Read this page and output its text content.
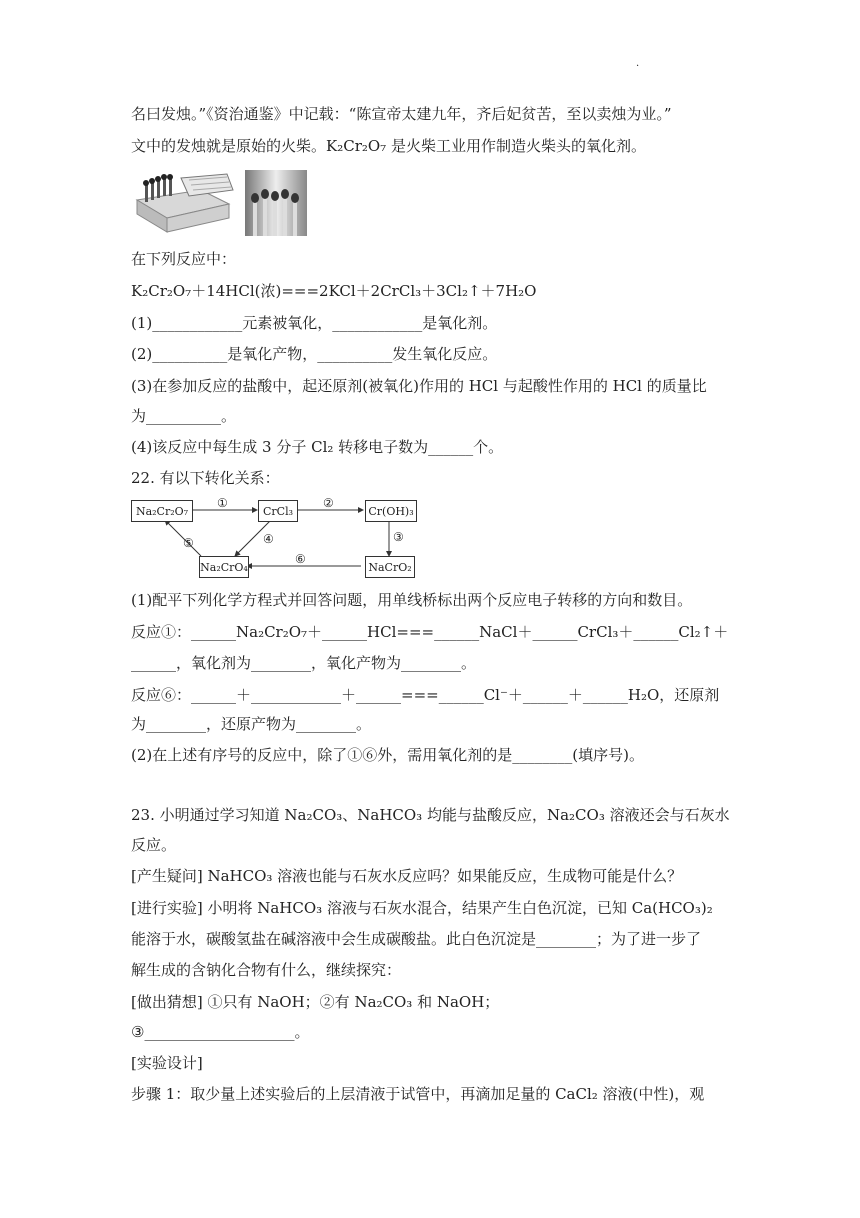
.
名曰发烛。”《资治通鉴》中记载：“陈宣帝太建九年，齐后妃贫苦，至以卖烛为业。”
文中的发烛就是原始的火柴。K₂Cr₂O₇ 是火柴工业用作制造火柴头的氧化剂。
在下列反应中：
K₂Cr₂O₇＋14HCl(浓)===2KCl＋2CrCl₃＋3Cl₂↑＋7H₂O
(1)____________元素被氧化，____________是氧化剂。
(2)__________是氧化产物，__________发生氧化反应。
(3)在参加反应的盐酸中，起还原剂(被氧化)作用的 HCl 与起酸性作用的 HCl 的质量比
为__________。
(4)该反应中每生成 3 分子 Cl₂ 转移电子数为______个。
22. 有以下转化关系：
Na₂Cr₂O₇	CrCl₃	Cr(OH)₃
NaCrO₂
Na₂CrO₄
①	②
③
④
⑤
⑥
(1)配平下列化学方程式并回答问题，用单线桥标出两个反应电子转移的方向和数目。
反应①：______Na₂Cr₂O₇＋______HCl===______NaCl＋______CrCl₃＋______Cl₂↑＋
______，氧化剂为________，氧化产物为________。
反应⑥：______＋____________＋______===______Cl⁻＋______＋______H₂O，还原剂
为________，还原产物为________。
(2)在上述有序号的反应中，除了①⑥外，需用氧化剂的是________(填序号)。
23. 小明通过学习知道 Na₂CO₃、NaHCO₃ 均能与盐酸反应，Na₂CO₃ 溶液还会与石灰水
反应。
[产生疑问] NaHCO₃ 溶液也能与石灰水反应吗？如果能反应，生成物可能是什么？
[进行实验] 小明将 NaHCO₃ 溶液与石灰水混合，结果产生白色沉淀，已知 Ca(HCO₃)₂
能溶于水，碳酸氢盐在碱溶液中会生成碳酸盐。此白色沉淀是________；为了进一步了
解生成的含钠化合物有什么，继续探究：
[做出猜想] ①只有 NaOH；②有 Na₂CO₃ 和 NaOH；
③____________________。
[实验设计]
步骤 1：取少量上述实验后的上层清液于试管中，再滴加足量的 CaCl₂ 溶液(中性)，观
